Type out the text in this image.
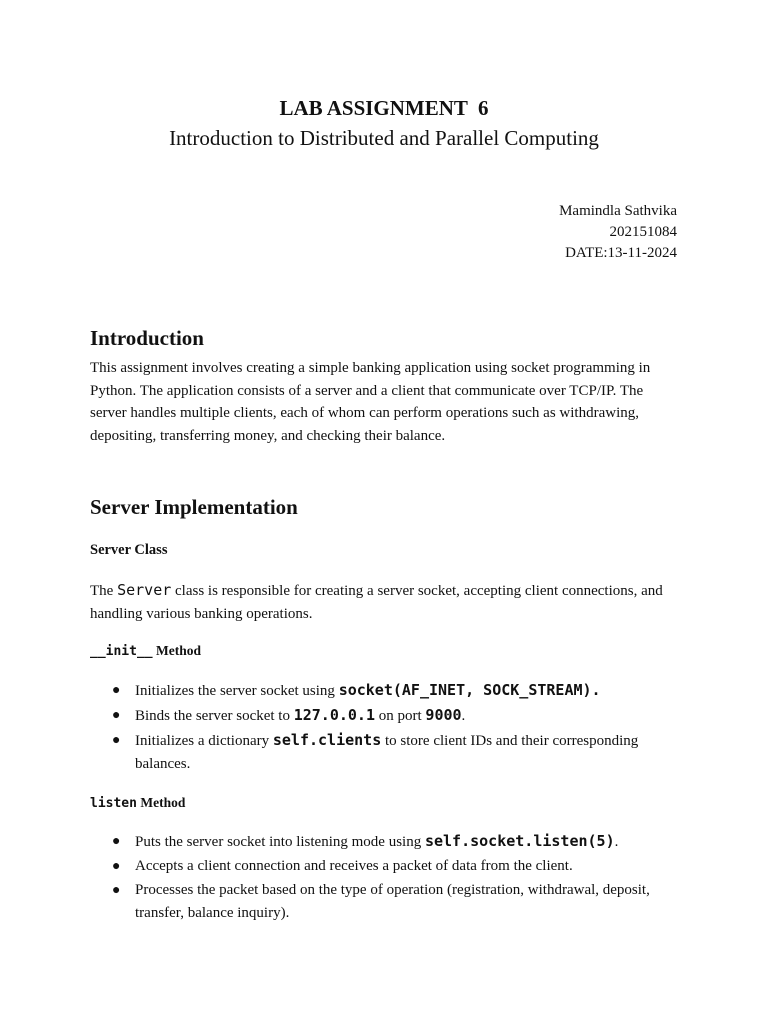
LAB ASSIGNMENT  6
Introduction to Distributed and Parallel Computing
Mamindla Sathvika
202151084
DATE:13-11-2024
Introduction
This assignment involves creating a simple banking application using socket programming in Python. The application consists of a server and a client that communicate over TCP/IP. The server handles multiple clients, each of whom can perform operations such as withdrawing, depositing, transferring money, and checking their balance.
Server Implementation
Server Class
The Server class is responsible for creating a server socket, accepting client connections, and handling various banking operations.
__init__ Method
● Initializes the server socket using socket(AF_INET, SOCK_STREAM).
● Binds the server socket to 127.0.0.1 on port 9000.
● Initializes a dictionary self.clients to store client IDs and their corresponding balances.
listen Method
● Puts the server socket into listening mode using self.socket.listen(5).
● Accepts a client connection and receives a packet of data from the client.
● Processes the packet based on the type of operation (registration, withdrawal, deposit, transfer, balance inquiry).
